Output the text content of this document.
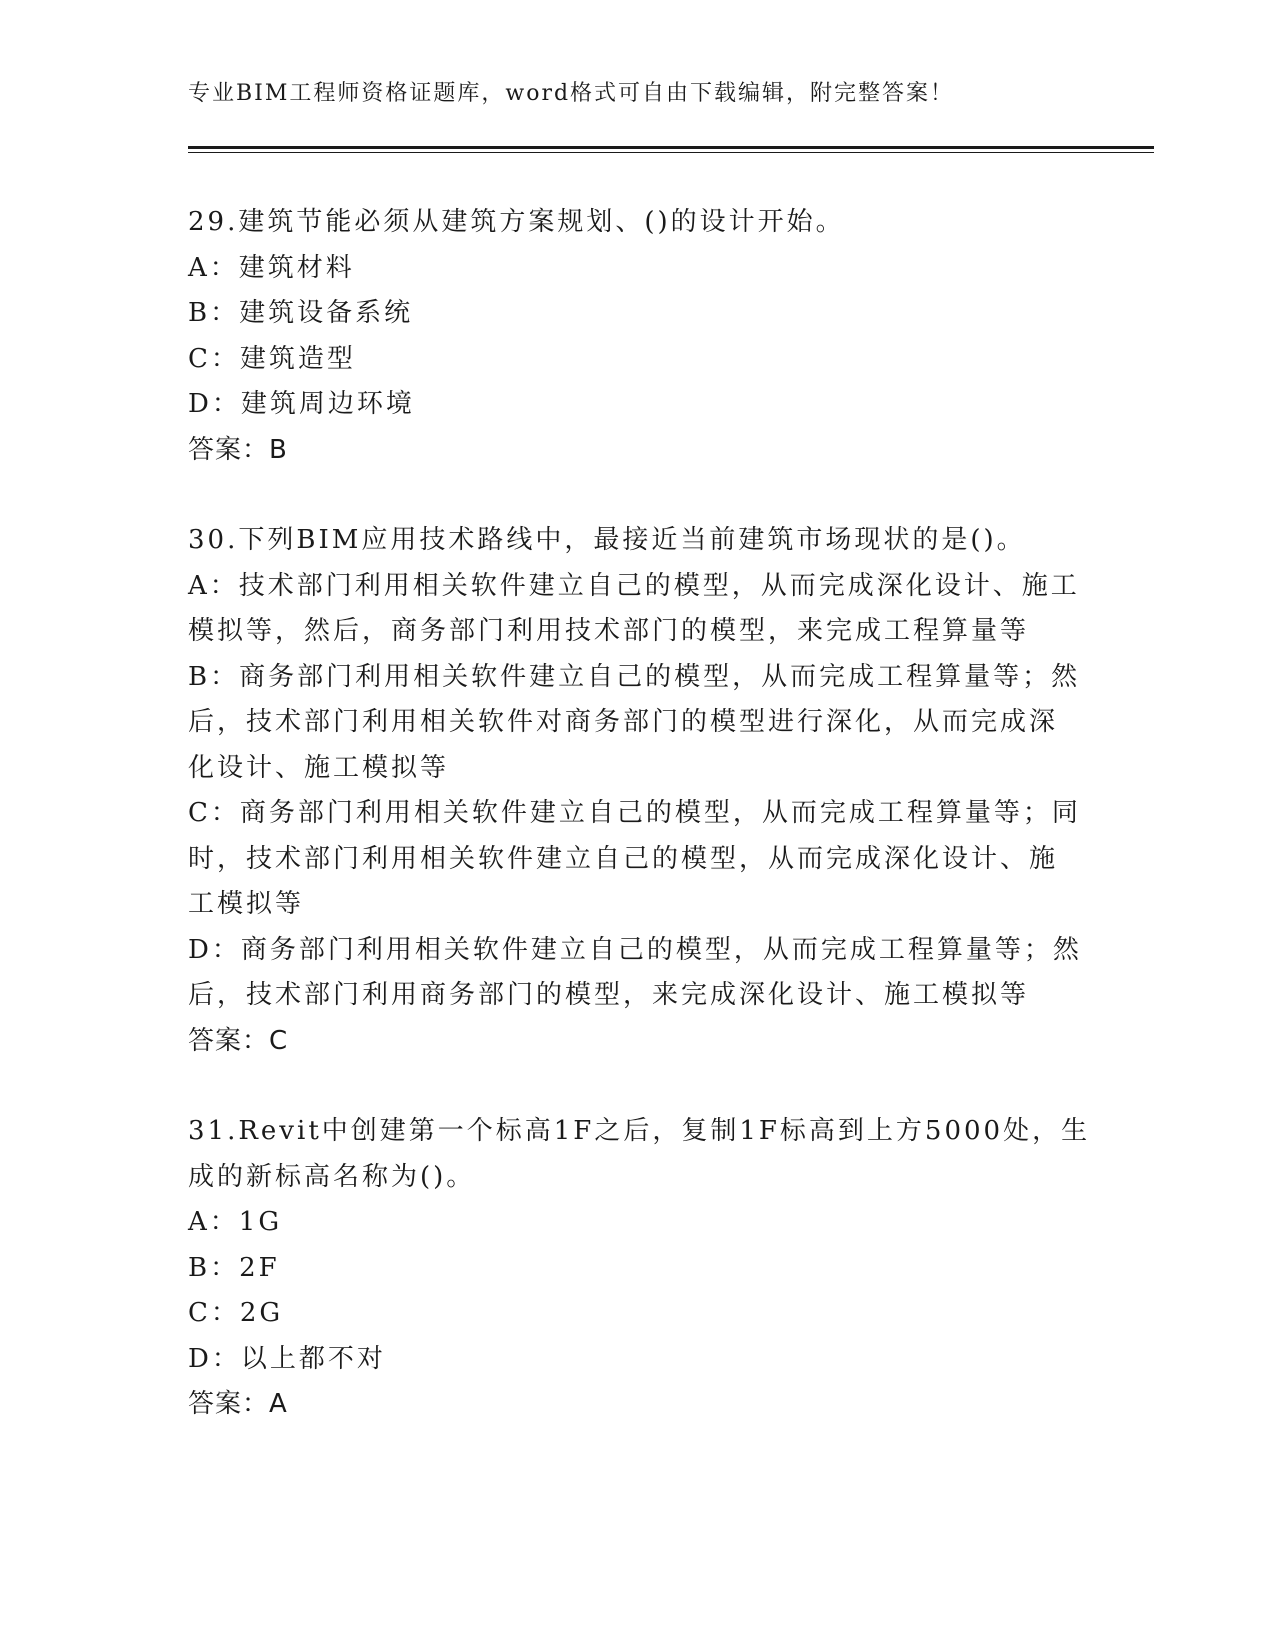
专业BIM工程师资格证题库，word格式可自由下载编辑，附完整答案！
29.建筑节能必须从建筑方案规划、()的设计开始。
A：建筑材料
B：建筑设备系统
C：建筑造型
D：建筑周边环境
答案：B
30.下列BIM应用技术路线中，最接近当前建筑市场现状的是()。
A：技术部门利用相关软件建立自己的模型，从而完成深化设计、施工
模拟等，然后，商务部门利用技术部门的模型，来完成工程算量等
B：商务部门利用相关软件建立自己的模型，从而完成工程算量等；然
后，技术部门利用相关软件对商务部门的模型进行深化，从而完成深
化设计、施工模拟等
C：商务部门利用相关软件建立自己的模型，从而完成工程算量等；同
时，技术部门利用相关软件建立自己的模型，从而完成深化设计、施
工模拟等
D：商务部门利用相关软件建立自己的模型，从而完成工程算量等；然
后，技术部门利用商务部门的模型，来完成深化设计、施工模拟等
答案：C
31.Revit中创建第一个标高1F之后，复制1F标高到上方5000处，生
成的新标高名称为()。
A：1G
B：2F
C：2G
D：以上都不对
答案：A
